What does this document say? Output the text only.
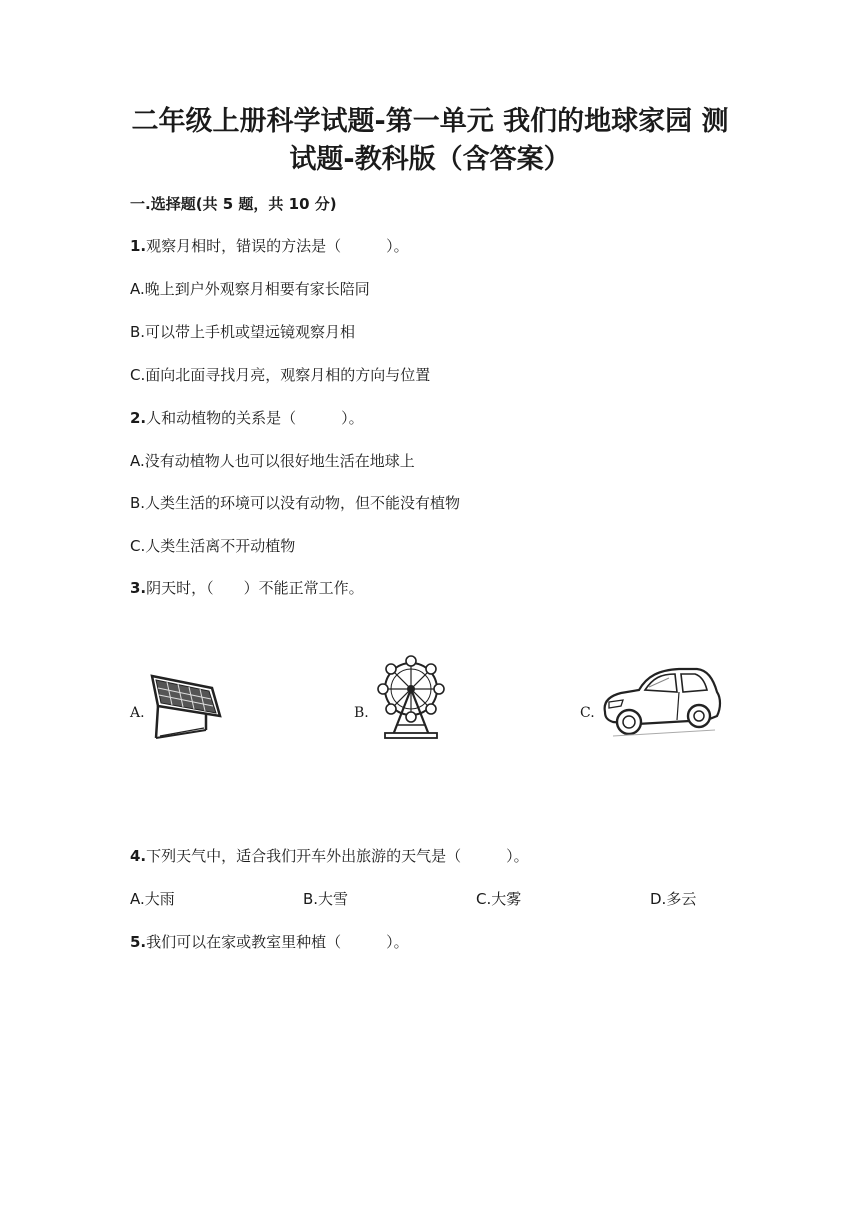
二年级上册科学试题-第一单元 我们的地球家园 测
试题-教科版（含答案）
一.选择题(共 5 题，共 10 分)
1.观察月相时，错误的方法是（　　　）。
A.晚上到户外观察月相要有家长陪同
B.可以带上手机或望远镜观察月相
C.面向北面寻找月亮，观察月相的方向与位置
2.人和动植物的关系是（　　　）。
A.没有动植物人也可以很好地生活在地球上
B.人类生活的环境可以没有动物，但不能没有植物
C.人类生活离不开动植物
3.阴天时，（　　）不能正常工作。
A.	B.	C.
4.下列天气中，适合我们开车外出旅游的天气是（　　　）。
A.大雨	B.大雪	C.大雾	D.多云
5.我们可以在家或教室里种植（　　　）。
